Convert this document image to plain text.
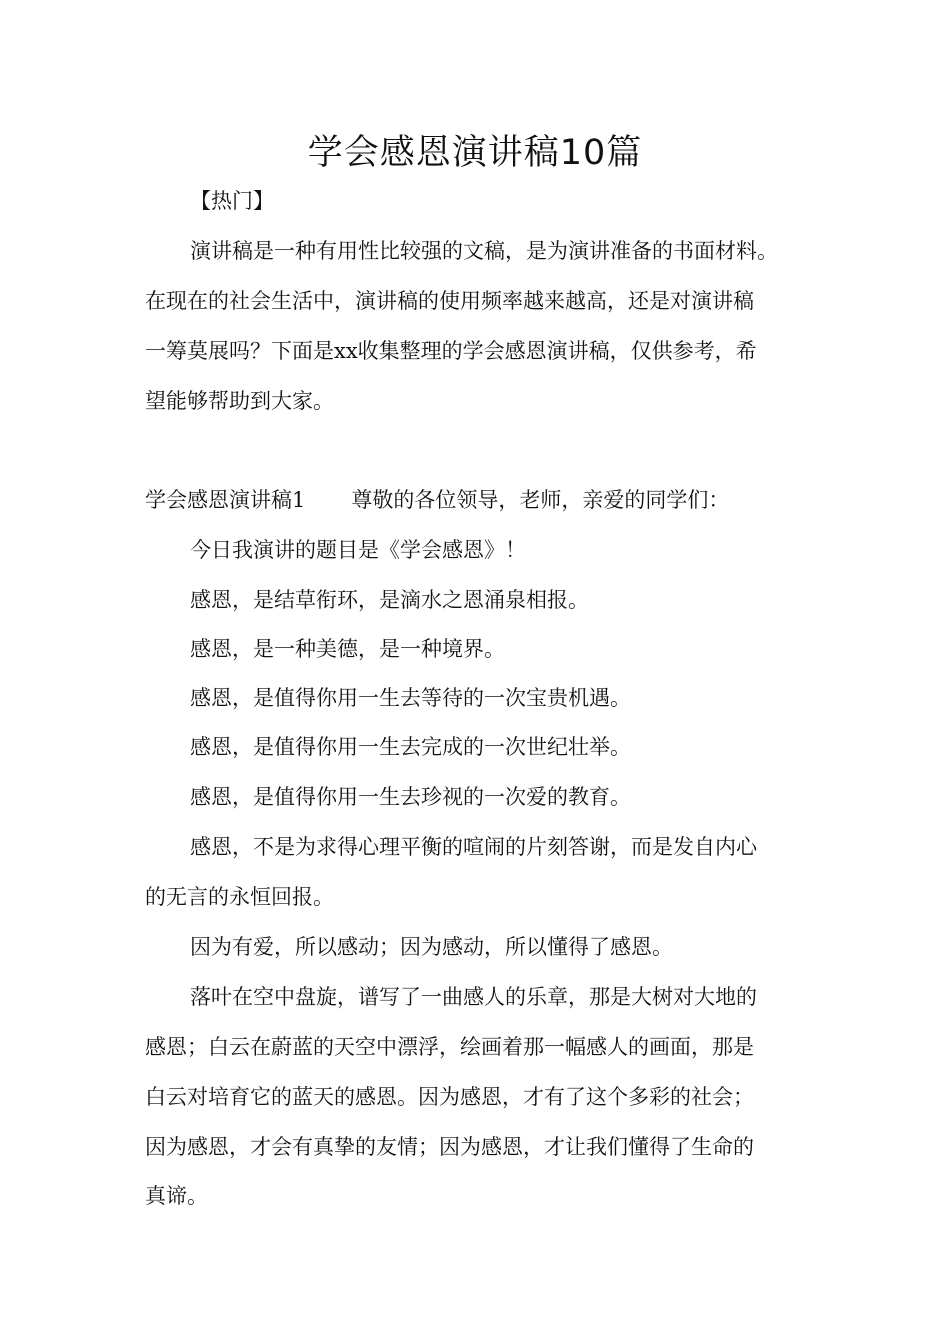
学会感恩演讲稿10篇

【热门】

演讲稿是一种有用性比较强的文稿，是为演讲准备的书面材料。

在现在的社会生活中，演讲稿的使用频率越来越高，还是对演讲稿

一筹莫展吗？下面是xx收集整理的学会感恩演讲稿，仅供参考，希

望能够帮助到大家。

学会感恩演讲稿1 尊敬的各位领导，老师，亲爱的同学们：

今日我演讲的题目是《学会感恩》！

感恩，是结草衔环，是滴水之恩涌泉相报。

感恩，是一种美德，是一种境界。

感恩，是值得你用一生去等待的一次宝贵机遇。

感恩，是值得你用一生去完成的一次世纪壮举。

感恩，是值得你用一生去珍视的一次爱的教育。

感恩，不是为求得心理平衡的喧闹的片刻答谢，而是发自内心

的无言的永恒回报。

因为有爱，所以感动；因为感动，所以懂得了感恩。

落叶在空中盘旋，谱写了一曲感人的乐章，那是大树对大地的

感恩；白云在蔚蓝的天空中漂浮，绘画着那一幅感人的画面，那是

白云对培育它的蓝天的感恩。因为感恩，才有了这个多彩的社会；

因为感恩，才会有真挚的友情；因为感恩，才让我们懂得了生命的

真谛。
